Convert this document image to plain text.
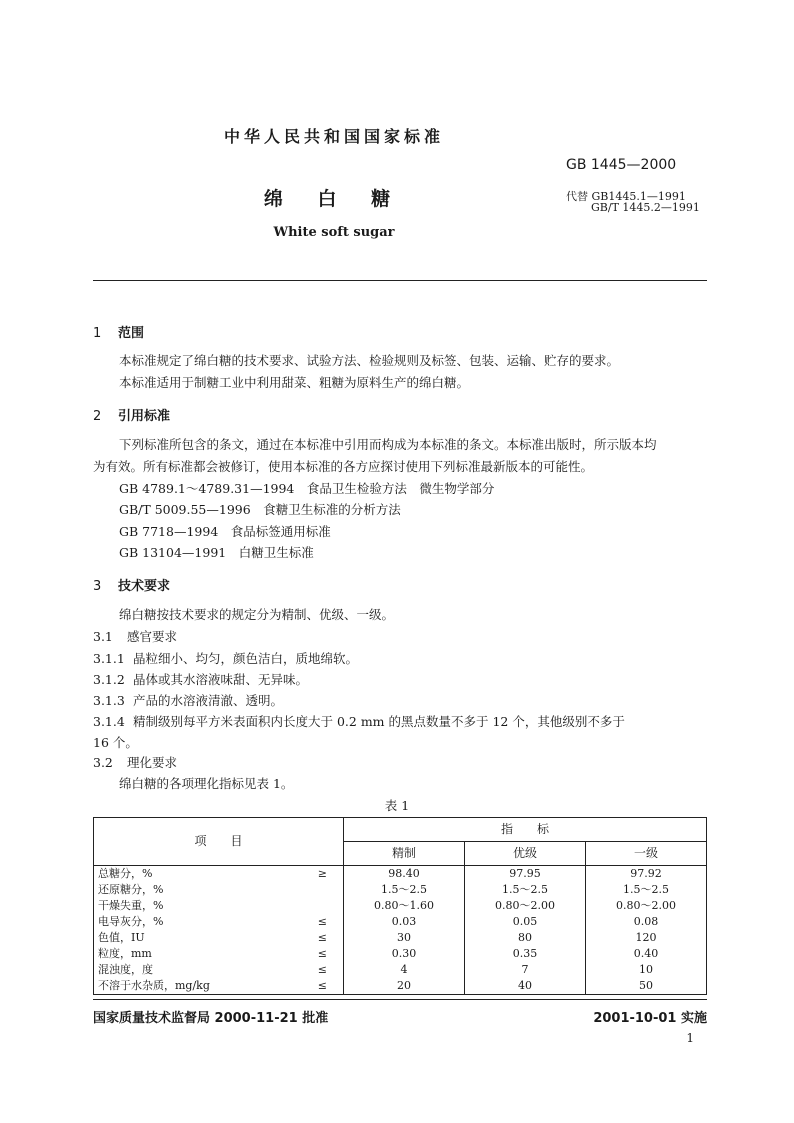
中华人民共和国国家标准
GB 1445—2000
绵 白 糖	代替 GB1445.1—1991
GB/T 1445.2—1991
White soft sugar
1 范围
本标准规定了绵白糖的技术要求、试验方法、检验规则及标签、包装、运输、贮存的要求。
本标准适用于制糖工业中利用甜菜、粗糖为原料生产的绵白糖。
2 引用标准
下列标准所包含的条文，通过在本标准中引用而构成为本标准的条文。本标准出版时，所示版本均
为有效。所有标准都会被修订，使用本标准的各方应探讨使用下列标准最新版本的可能性。
GB 4789.1～4789.31—1994　食品卫生检验方法　微生物学部分
GB/T 5009.55—1996　食糖卫生标准的分析方法
GB 7718—1994　食品标签通用标准
GB 13104—1991　白糖卫生标准
3 技术要求
绵白糖按技术要求的规定分为精制、优级、一级。
3.1 感官要求
3.1.1 晶粒细小、均匀，颜色洁白，质地绵软。
3.1.2 晶体或其水溶液味甜、无异味。
3.1.3 产品的水溶液清澈、透明。
3.1.4 精制级别每平方米表面积内长度大于 0.2 mm 的黑点数量不多于 12 个，其他级别不多于
16 个。
3.2 理化要求
绵白糖的各项理化指标见表 1。
表 1
项　　目	指　　标		
	精制	优级	一级
总糖分，% ≥	98.40	97.95	97.92
还原糖分，%	1.5～2.5	1.5～2.5	1.5～2.5
干燥失重，%	0.80～1.60	0.80～2.00	0.80～2.00
电导灰分，% ≤	0.03	0.05	0.08
色值，IU ≤	30	80	120
粒度，mm ≤	0.30	0.35	0.40
混浊度，度 ≤	4	7	10
不溶于水杂质，mg/kg ≤	20	40	50
国家质量技术监督局 2000-11-21 批准	2001-10-01 实施
1
